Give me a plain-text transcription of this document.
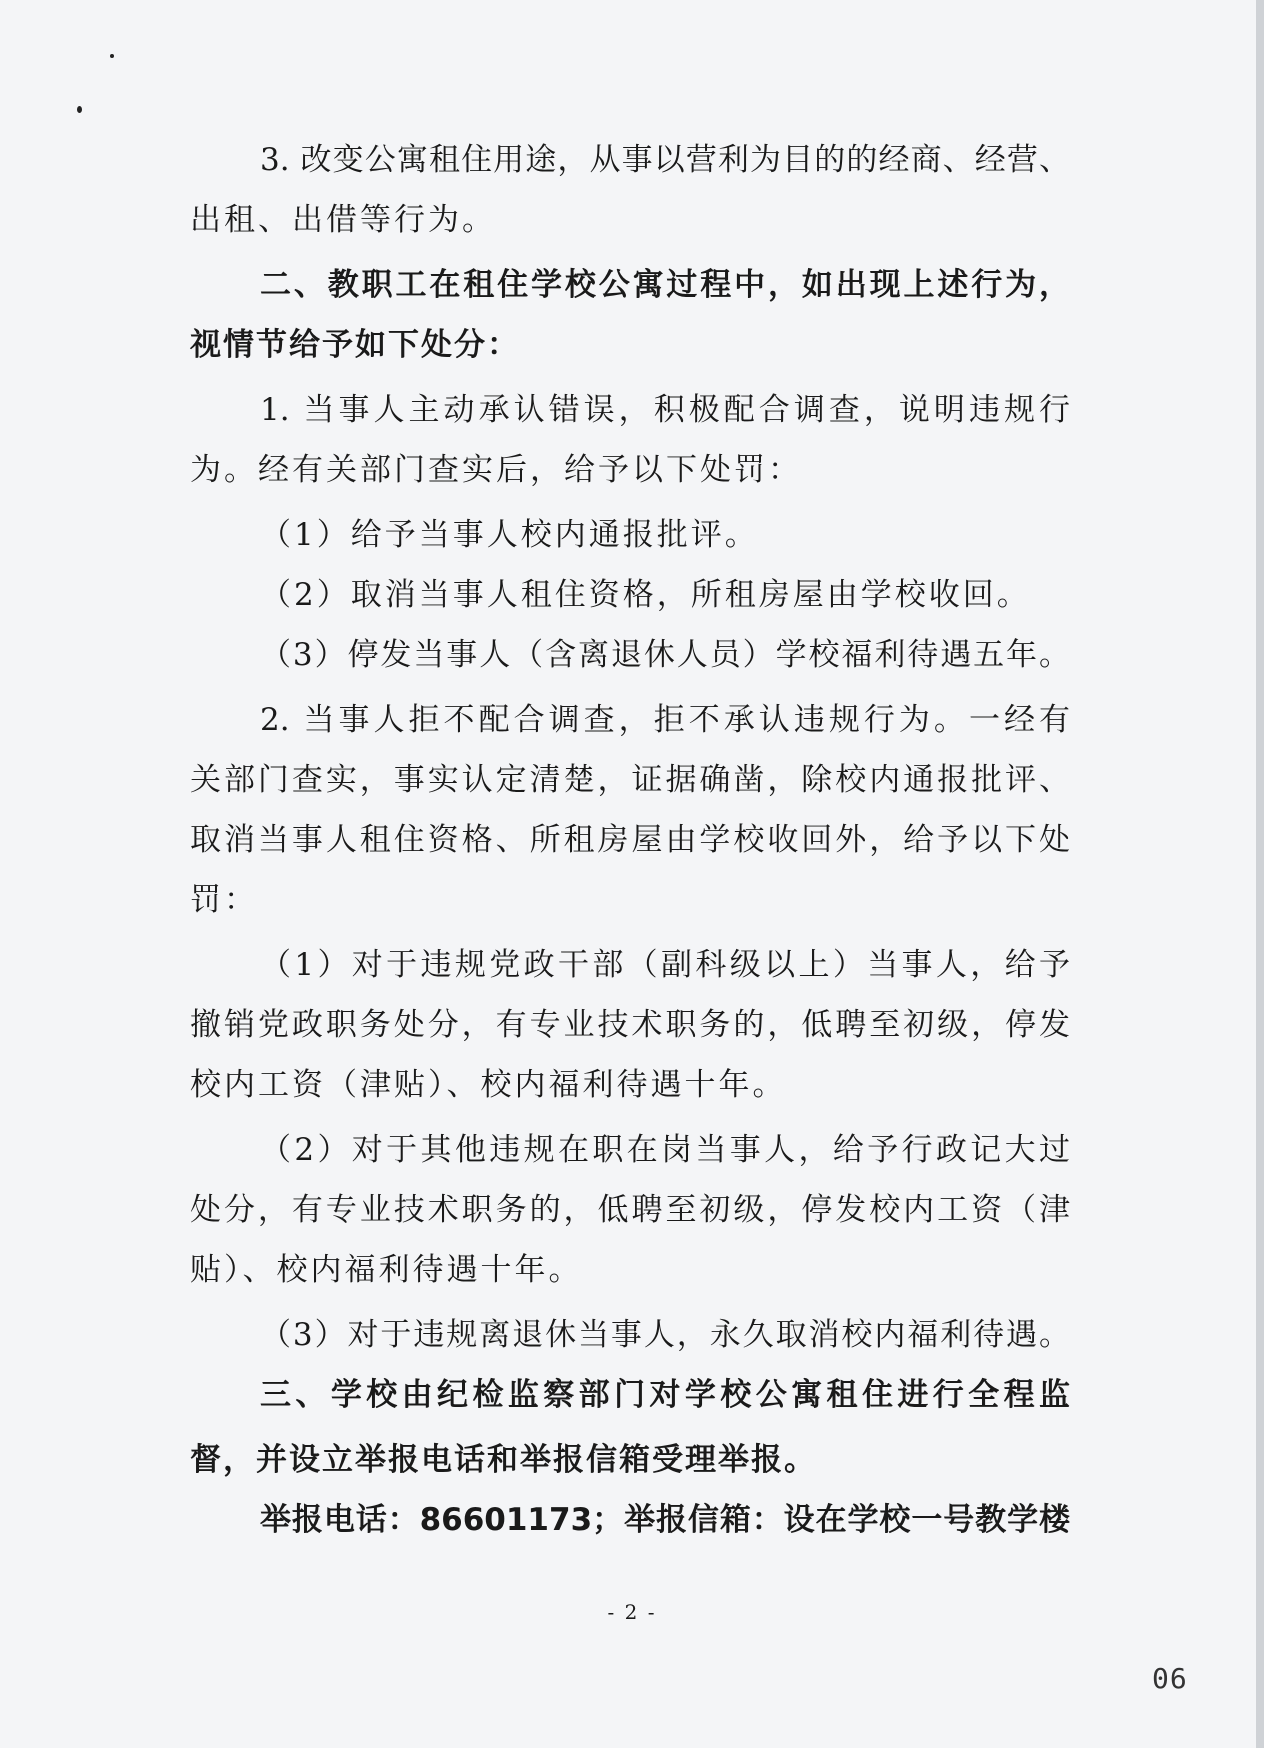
3. 改变公寓租住用途，从事以营利为目的的经商、经营、
出租、出借等行为。
二、教职工在租住学校公寓过程中，如出现上述行为，
视情节给予如下处分：
1. 当事人主动承认错误，积极配合调查，说明违规行
为。经有关部门查实后，给予以下处罚：
（1）给予当事人校内通报批评。
（2）取消当事人租住资格，所租房屋由学校收回。
（3）停发当事人（含离退休人员）学校福利待遇五年。
2. 当事人拒不配合调查，拒不承认违规行为。一经有
关部门查实，事实认定清楚，证据确凿，除校内通报批评、
取消当事人租住资格、所租房屋由学校收回外，给予以下处
罚：
（1）对于违规党政干部（副科级以上）当事人，给予
撤销党政职务处分，有专业技术职务的，低聘至初级，停发
校内工资（津贴）、校内福利待遇十年。
（2）对于其他违规在职在岗当事人，给予行政记大过
处分，有专业技术职务的，低聘至初级，停发校内工资（津
贴）、校内福利待遇十年。
（3）对于违规离退休当事人，永久取消校内福利待遇。
三、学校由纪检监察部门对学校公寓租住进行全程监
督，并设立举报电话和举报信箱受理举报。
举报电话：86601173；举报信箱：设在学校一号教学楼
- 2 -
06
